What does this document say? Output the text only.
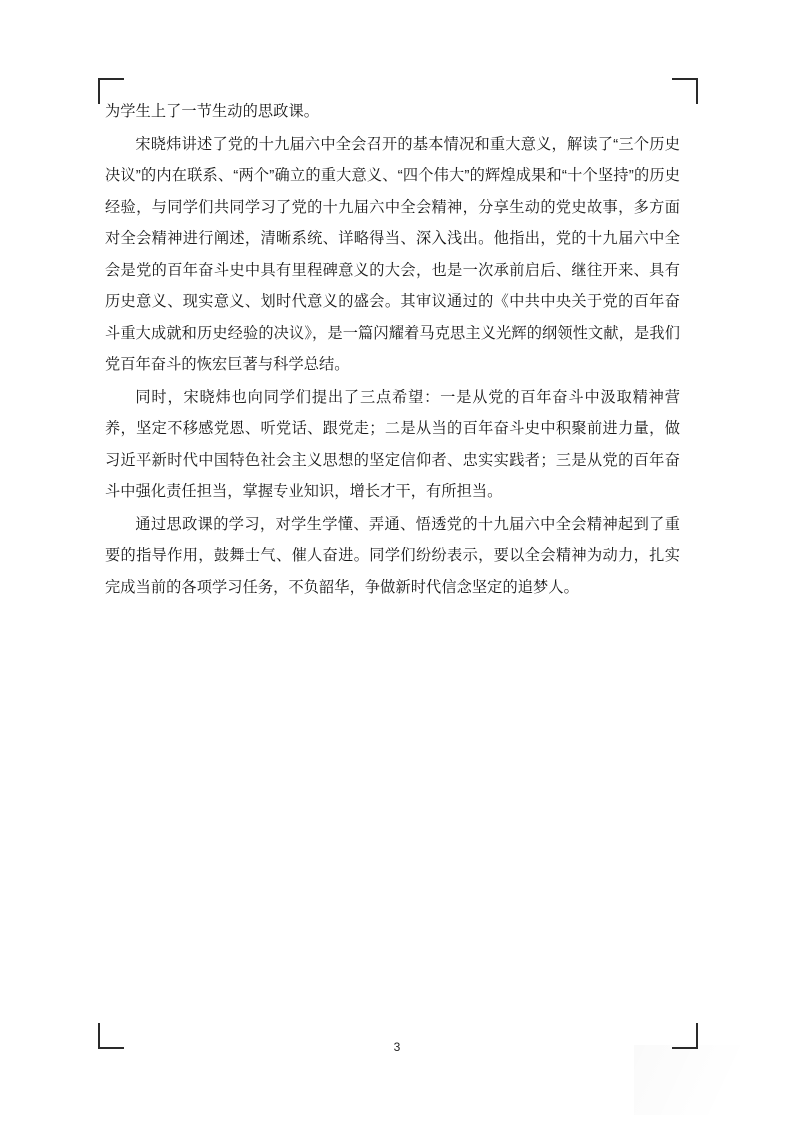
为学生上了一节生动的思政课。

宋晓炜讲述了党的十九届六中全会召开的基本情况和重大意义，解读了“三个历史决议”的内在联系、“两个”确立的重大意义、“四个伟大”的辉煌成果和“十个坚持”的历史经验，与同学们共同学习了党的十九届六中全会精神，分享生动的党史故事，多方面对全会精神进行阐述，清晰系统、详略得当、深入浅出。他指出，党的十九届六中全会是党的百年奋斗史中具有里程碑意义的大会，也是一次承前启后、继往开来、具有历史意义、现实意义、划时代意义的盛会。其审议通过的《中共中央关于党的百年奋斗重大成就和历史经验的决议》，是一篇闪耀着马克思主义光辉的纲领性文献，是我们党百年奋斗的恢宏巨著与科学总结。

同时，宋晓炜也向同学们提出了三点希望：一是从党的百年奋斗中汲取精神营养，坚定不移感党恩、听党话、跟党走；二是从当的百年奋斗史中积聚前进力量，做习近平新时代中国特色社会主义思想的坚定信仰者、忠实实践者；三是从党的百年奋斗中强化责任担当，掌握专业知识，增长才干，有所担当。

通过思政课的学习，对学生学懂、弄通、悟透党的十九届六中全会精神起到了重要的指导作用，鼓舞士气、催人奋进。同学们纷纷表示，要以全会精神为动力，扎实完成当前的各项学习任务，不负韶华，争做新时代信念坚定的追梦人。

3
